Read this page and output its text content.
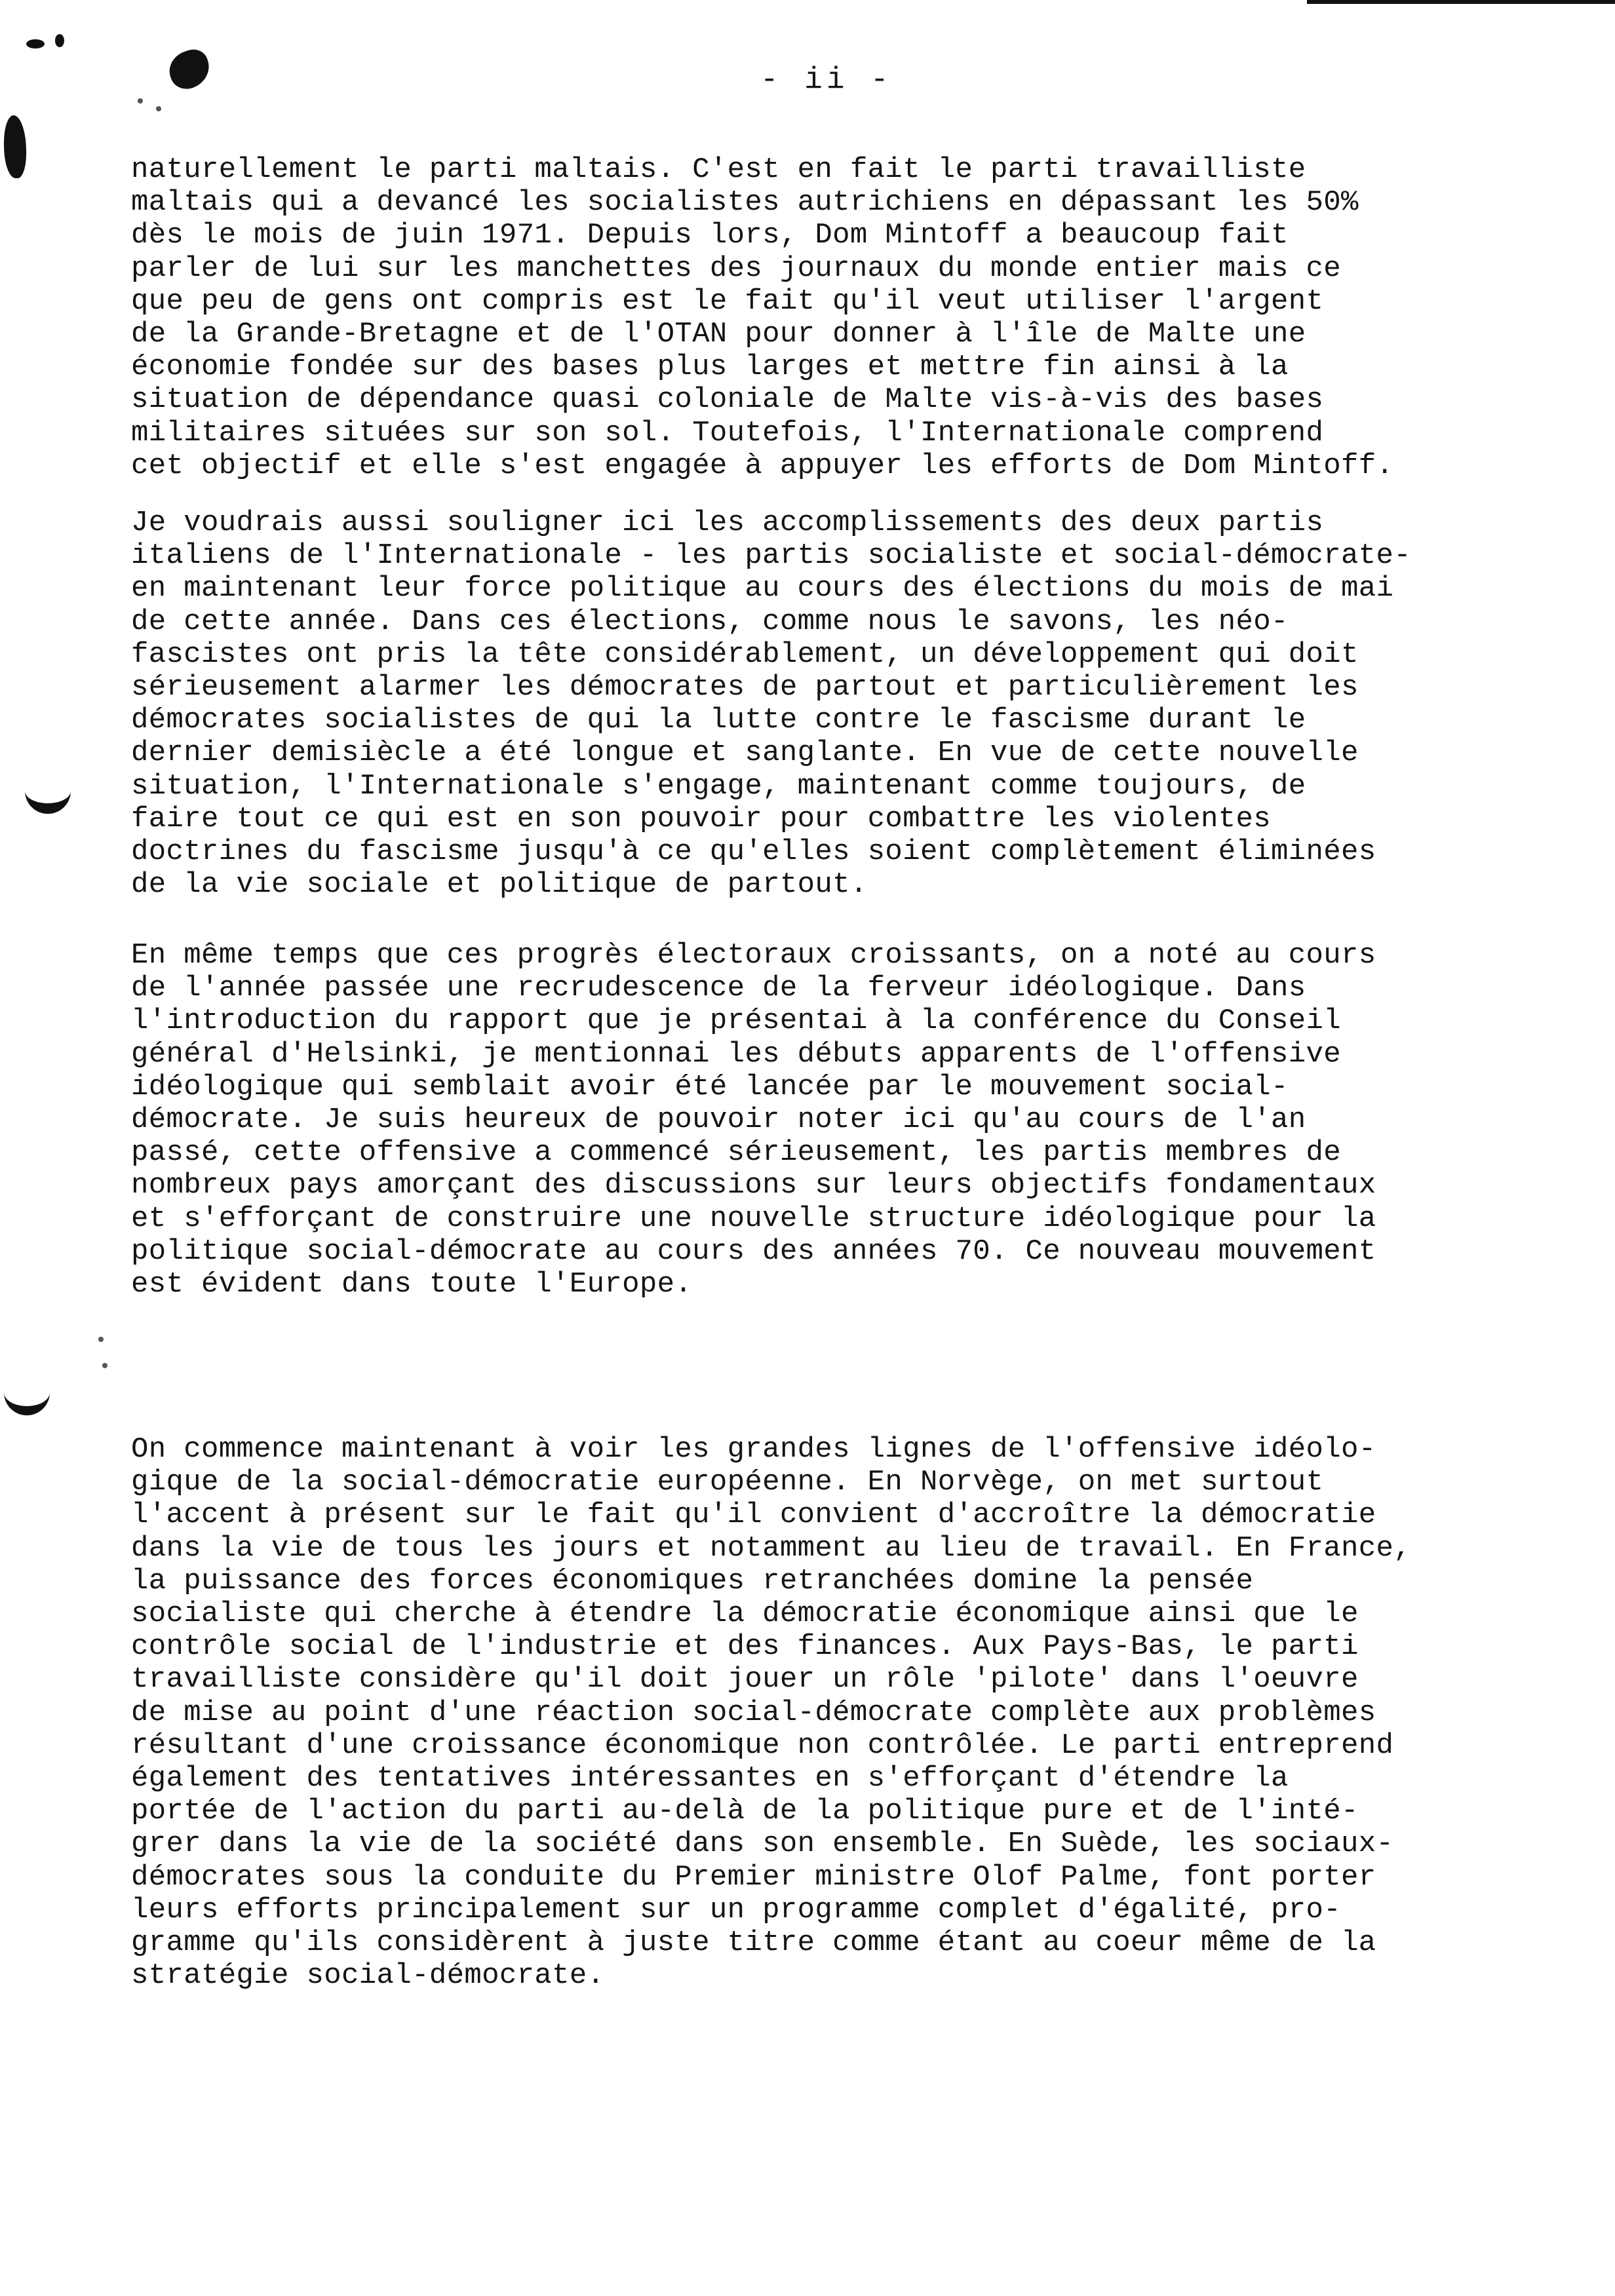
- ii -
naturellement le parti maltais. C'est en fait le parti travailliste
maltais qui a devancé les socialistes autrichiens en dépassant les 50%
dès le mois de juin 1971. Depuis lors, Dom Mintoff a beaucoup fait
parler de lui sur les manchettes des journaux du monde entier mais ce
que peu de gens ont compris est le fait qu'il veut utiliser l'argent
de la Grande-Bretagne et de l'OTAN pour donner à l'île de Malte une
économie fondée sur des bases plus larges et mettre fin ainsi à la
situation de dépendance quasi coloniale de Malte vis-à-vis des bases
militaires situées sur son sol. Toutefois, l'Internationale comprend
cet objectif et elle s'est engagée à appuyer les efforts de Dom Mintoff.
Je voudrais aussi souligner ici les accomplissements des deux partis
italiens de l'Internationale - les partis socialiste et social-démocrate-
en maintenant leur force politique au cours des élections du mois de mai
de cette année. Dans ces élections, comme nous le savons, les néo-
fascistes ont pris la tête considérablement, un développement qui doit
sérieusement alarmer les démocrates de partout et particulièrement les
démocrates socialistes de qui la lutte contre le fascisme durant le
dernier demisiècle a été longue et sanglante. En vue de cette nouvelle
situation, l'Internationale s'engage, maintenant comme toujours, de
faire tout ce qui est en son pouvoir pour combattre les violentes
doctrines du fascisme jusqu'à ce qu'elles soient complètement éliminées
de la vie sociale et politique de partout.
En même temps que ces progrès électoraux croissants, on a noté au cours
de l'année passée une recrudescence de la ferveur idéologique. Dans
l'introduction du rapport que je présentai à la conférence du Conseil
général d'Helsinki, je mentionnai les débuts apparents de l'offensive
idéologique qui semblait avoir été lancée par le mouvement social-
démocrate. Je suis heureux de pouvoir noter ici qu'au cours de l'an
passé, cette offensive a commencé sérieusement, les partis membres de
nombreux pays amorçant des discussions sur leurs objectifs fondamentaux
et s'efforçant de construire une nouvelle structure idéologique pour la
politique social-démocrate au cours des années 70. Ce nouveau mouvement
est évident dans toute l'Europe.
On commence maintenant à voir les grandes lignes de l'offensive idéolo-
gique de la social-démocratie européenne. En Norvège, on met surtout
l'accent à présent sur le fait qu'il convient d'accroître la démocratie
dans la vie de tous les jours et notamment au lieu de travail. En France,
la puissance des forces économiques retranchées domine la pensée
socialiste qui cherche à étendre la démocratie économique ainsi que le
contrôle social de l'industrie et des finances. Aux Pays-Bas, le parti
travailliste considère qu'il doit jouer un rôle 'pilote' dans l'oeuvre
de mise au point d'une réaction social-démocrate complète aux problèmes
résultant d'une croissance économique non contrôlée. Le parti entreprend
également des tentatives intéressantes en s'efforçant d'étendre la
portée de l'action du parti au-delà de la politique pure et de l'inté-
grer dans la vie de la société dans son ensemble. En Suède, les sociaux-
démocrates sous la conduite du Premier ministre Olof Palme, font porter
leurs efforts principalement sur un programme complet d'égalité, pro-
gramme qu'ils considèrent à juste titre comme étant au coeur même de la
stratégie social-démocrate.
